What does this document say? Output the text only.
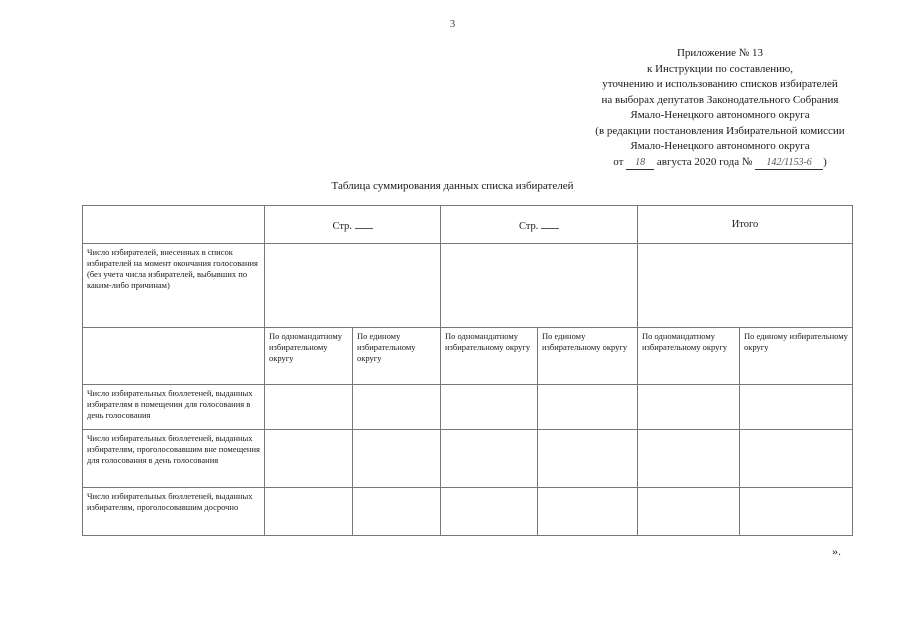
3
Приложение № 13
к Инструкции по составлению,
уточнению и использованию списков избирателей
на выборах депутатов Законодательного Собрания
Ямало-Ненецкого автономного округа
(в редакции постановления Избирательной комиссии
Ямало-Ненецкого автономного округа
от 18 августа 2020 года № 142/1153-6 )
Таблица суммирования данных списка избирателей
	Стр.		Стр.		Итого	
Число избирателей, внесенных в список избирателей на момент окончания голосования (без учета числа избирателей, выбывших по каким-либо причинам)						
	По одномандатному избирательному округу	По единому избирательному округу	По одномандатному избирательному округу	По единому избирательному округу	По одномандатному избирательному округу	По единому избирательному округу
Число избирательных бюллетеней, выданных избирателям в помещении для голосования в день голосования						
Число избирательных бюллетеней, выданных избирателям, проголосовавшим вне помещения для голосования в день голосования						
Число избирательных бюллетеней, выданных избирателям, проголосовавшим досрочно						
».
